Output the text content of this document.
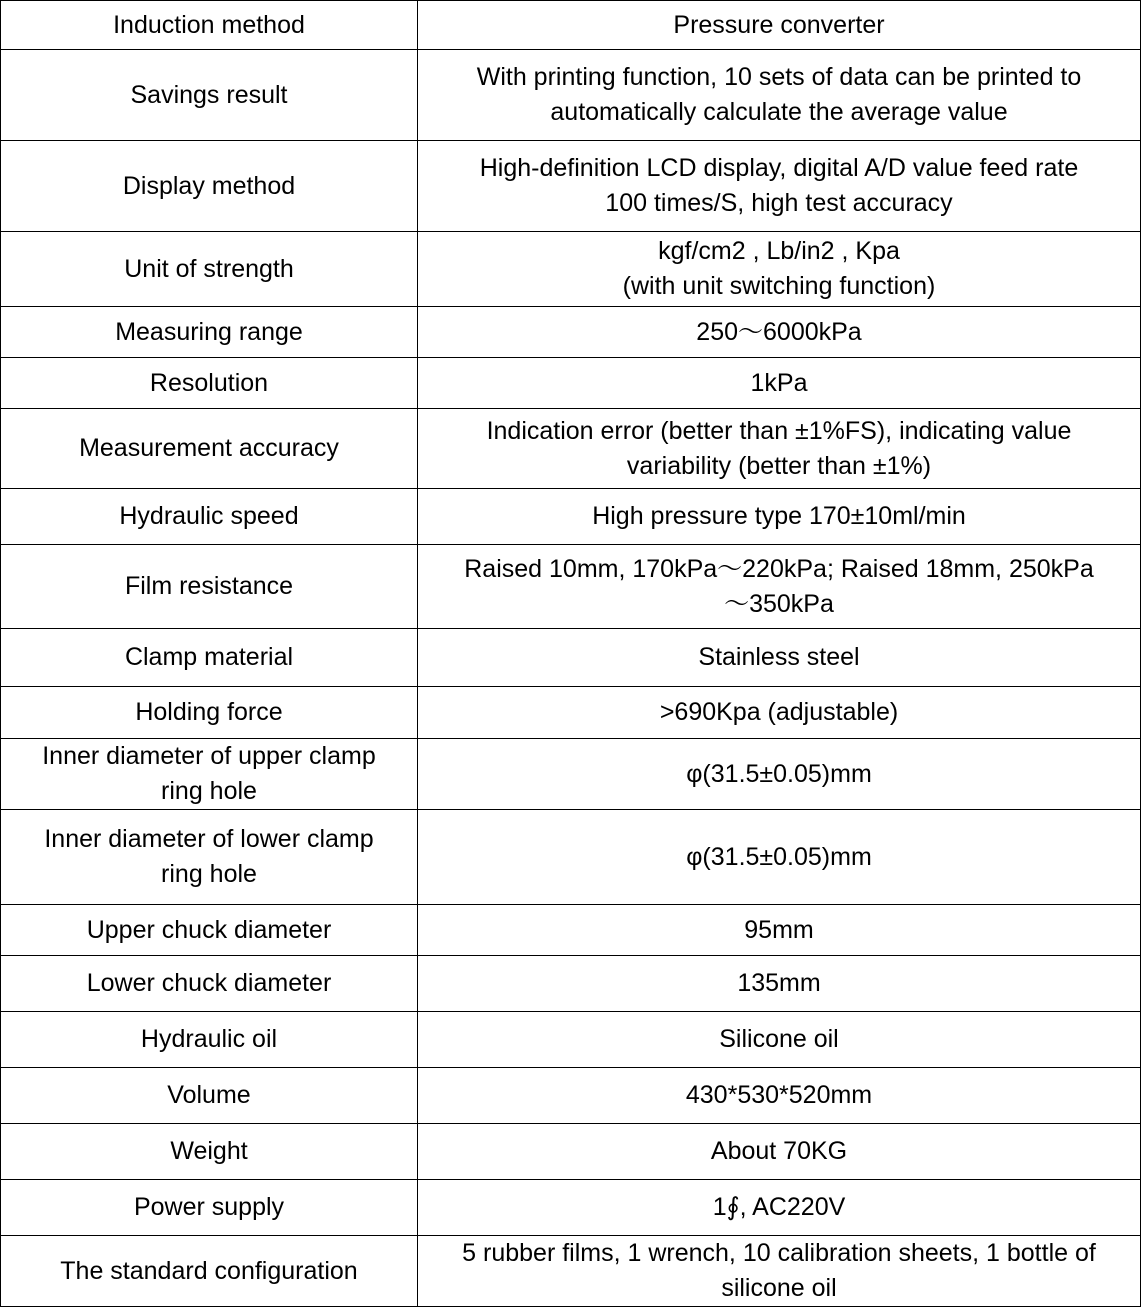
Induction method	Pressure converter
Savings result	With printing function, 10 sets of data can be printed to
automatically calculate the average value
Display method	High-definition LCD display, digital A/D value feed rate
100 times/S, high test accuracy
Unit of strength	kgf/cm2 , Lb/in2 , Kpa
(with unit switching function)
Measuring range	250～6000kPa
Resolution	1kPa
Measurement accuracy	Indication error (better than ±1%FS), indicating value
variability (better than ±1%)
Hydraulic speed	High pressure type 170±10ml/min
Film resistance	Raised 10mm, 170kPa～220kPa; Raised 18mm, 250kPa
～350kPa
Clamp material	Stainless steel
Holding force	>690Kpa (adjustable)
Inner diameter of upper clamp
ring hole	φ(31.5±0.05)mm
Inner diameter of lower clamp
ring hole	φ(31.5±0.05)mm
Upper chuck diameter	95mm
Lower chuck diameter	135mm
Hydraulic oil	Silicone oil
Volume	430*530*520mm
Weight	About 70KG
Power supply	1∮, AC220V
The standard configuration	5 rubber films, 1 wrench, 10 calibration sheets, 1 bottle of
silicone oil
